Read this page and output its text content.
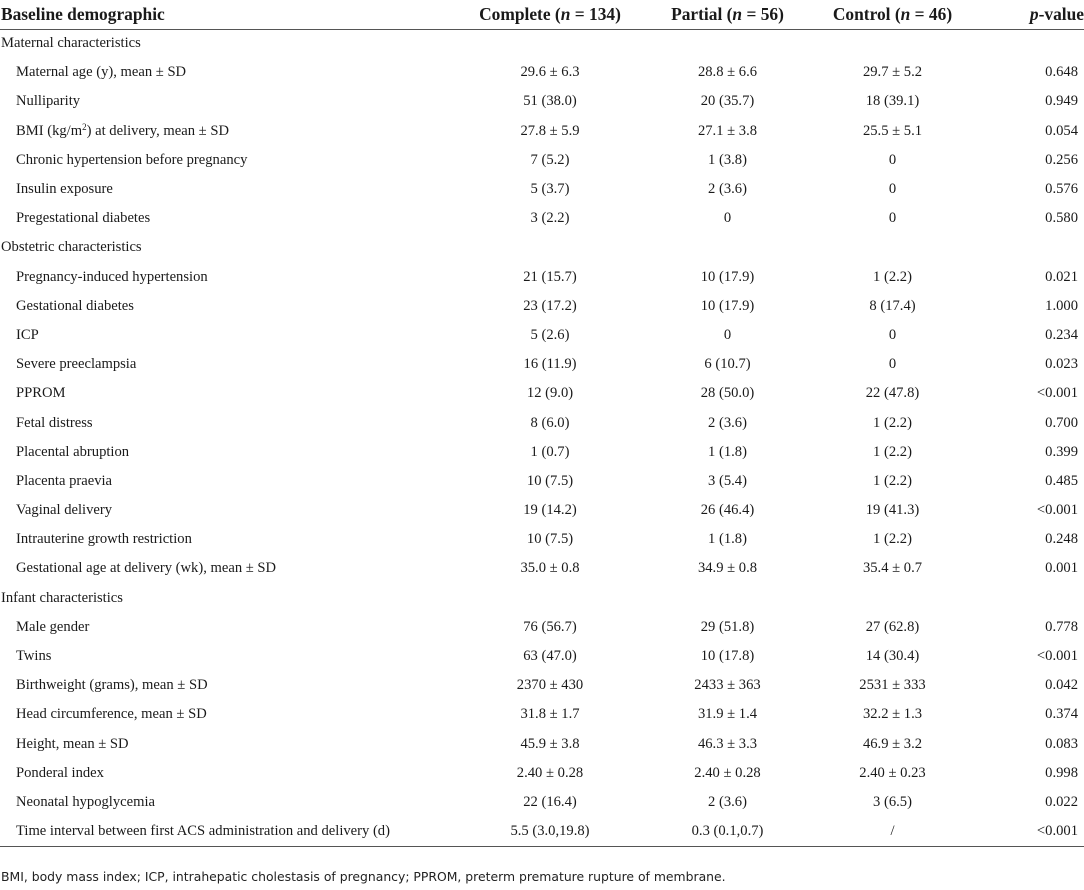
Baseline demographic	Complete (n = 134)	Partial (n = 56)	Control (n = 46)	p-value
Maternal characteristics				
Maternal age (y), mean ± SD	29.6 ± 6.3	28.8 ± 6.6	29.7 ± 5.2	0.648
Nulliparity	51 (38.0)	20 (35.7)	18 (39.1)	0.949
BMI $(kg/m^2)$ at delivery, mean ± SD	27.8 ± 5.9	27.1 ± 3.8	25.5 ± 5.1	0.054
Chronic hypertension before pregnancy	7 (5.2)	1 (3.8)	0	0.256
Insulin exposure	5 (3.7)	2 (3.6)	0	0.576
Pregestational diabetes	3 (2.2)	0	0	0.580
Obstetric characteristics				
Pregnancy-induced hypertension	21 (15.7)	10 (17.9)	1 (2.2)	0.021
Gestational diabetes	23 (17.2)	10 (17.9)	8 (17.4)	1.000
ICP	5 (2.6)	0	0	0.234
Severe preeclampsia	16 (11.9)	6 (10.7)	0	0.023
PPROM	12 (9.0)	28 (50.0)	22 (47.8)	<0.001
Fetal distress	8 (6.0)	2 (3.6)	1 (2.2)	0.700
Placental abruption	1 (0.7)	1 (1.8)	1 (2.2)	0.399
Placenta praevia	10 (7.5)	3 (5.4)	1 (2.2)	0.485
Vaginal delivery	19 (14.2)	26 (46.4)	19 (41.3)	<0.001
Intrauterine growth restriction	10 (7.5)	1 (1.8)	1 (2.2)	0.248
Gestational age at delivery (wk), mean ± SD	35.0 ± 0.8	34.9 ± 0.8	35.4 ± 0.7	0.001
Infant characteristics				
Male gender	76 (56.7)	29 (51.8)	27 (62.8)	0.778
Twins	63 (47.0)	10 (17.8)	14 (30.4)	<0.001
Birthweight (grams), mean ± SD	2370 ± 430	2433 ± 363	2531 ± 333	0.042
Head circumference, mean ± SD	31.8 ± 1.7	31.9 ± 1.4	32.2 ± 1.3	0.374
Height, mean ± SD	45.9 ± 3.8	46.3 ± 3.3	46.9 ± 3.2	0.083
Ponderal index	2.40 ± 0.28	2.40 ± 0.28	2.40 ± 0.23	0.998
Neonatal hypoglycemia	22 (16.4)	2 (3.6)	3 (6.5)	0.022
Time interval between first ACS administration and delivery (d)	5.5 (3.0,19.8)	0.3 (0.1,0.7)	/	<0.001
BMI, body mass index; ICP, intrahepatic cholestasis of pregnancy; PPROM, preterm premature rupture of membrane.
